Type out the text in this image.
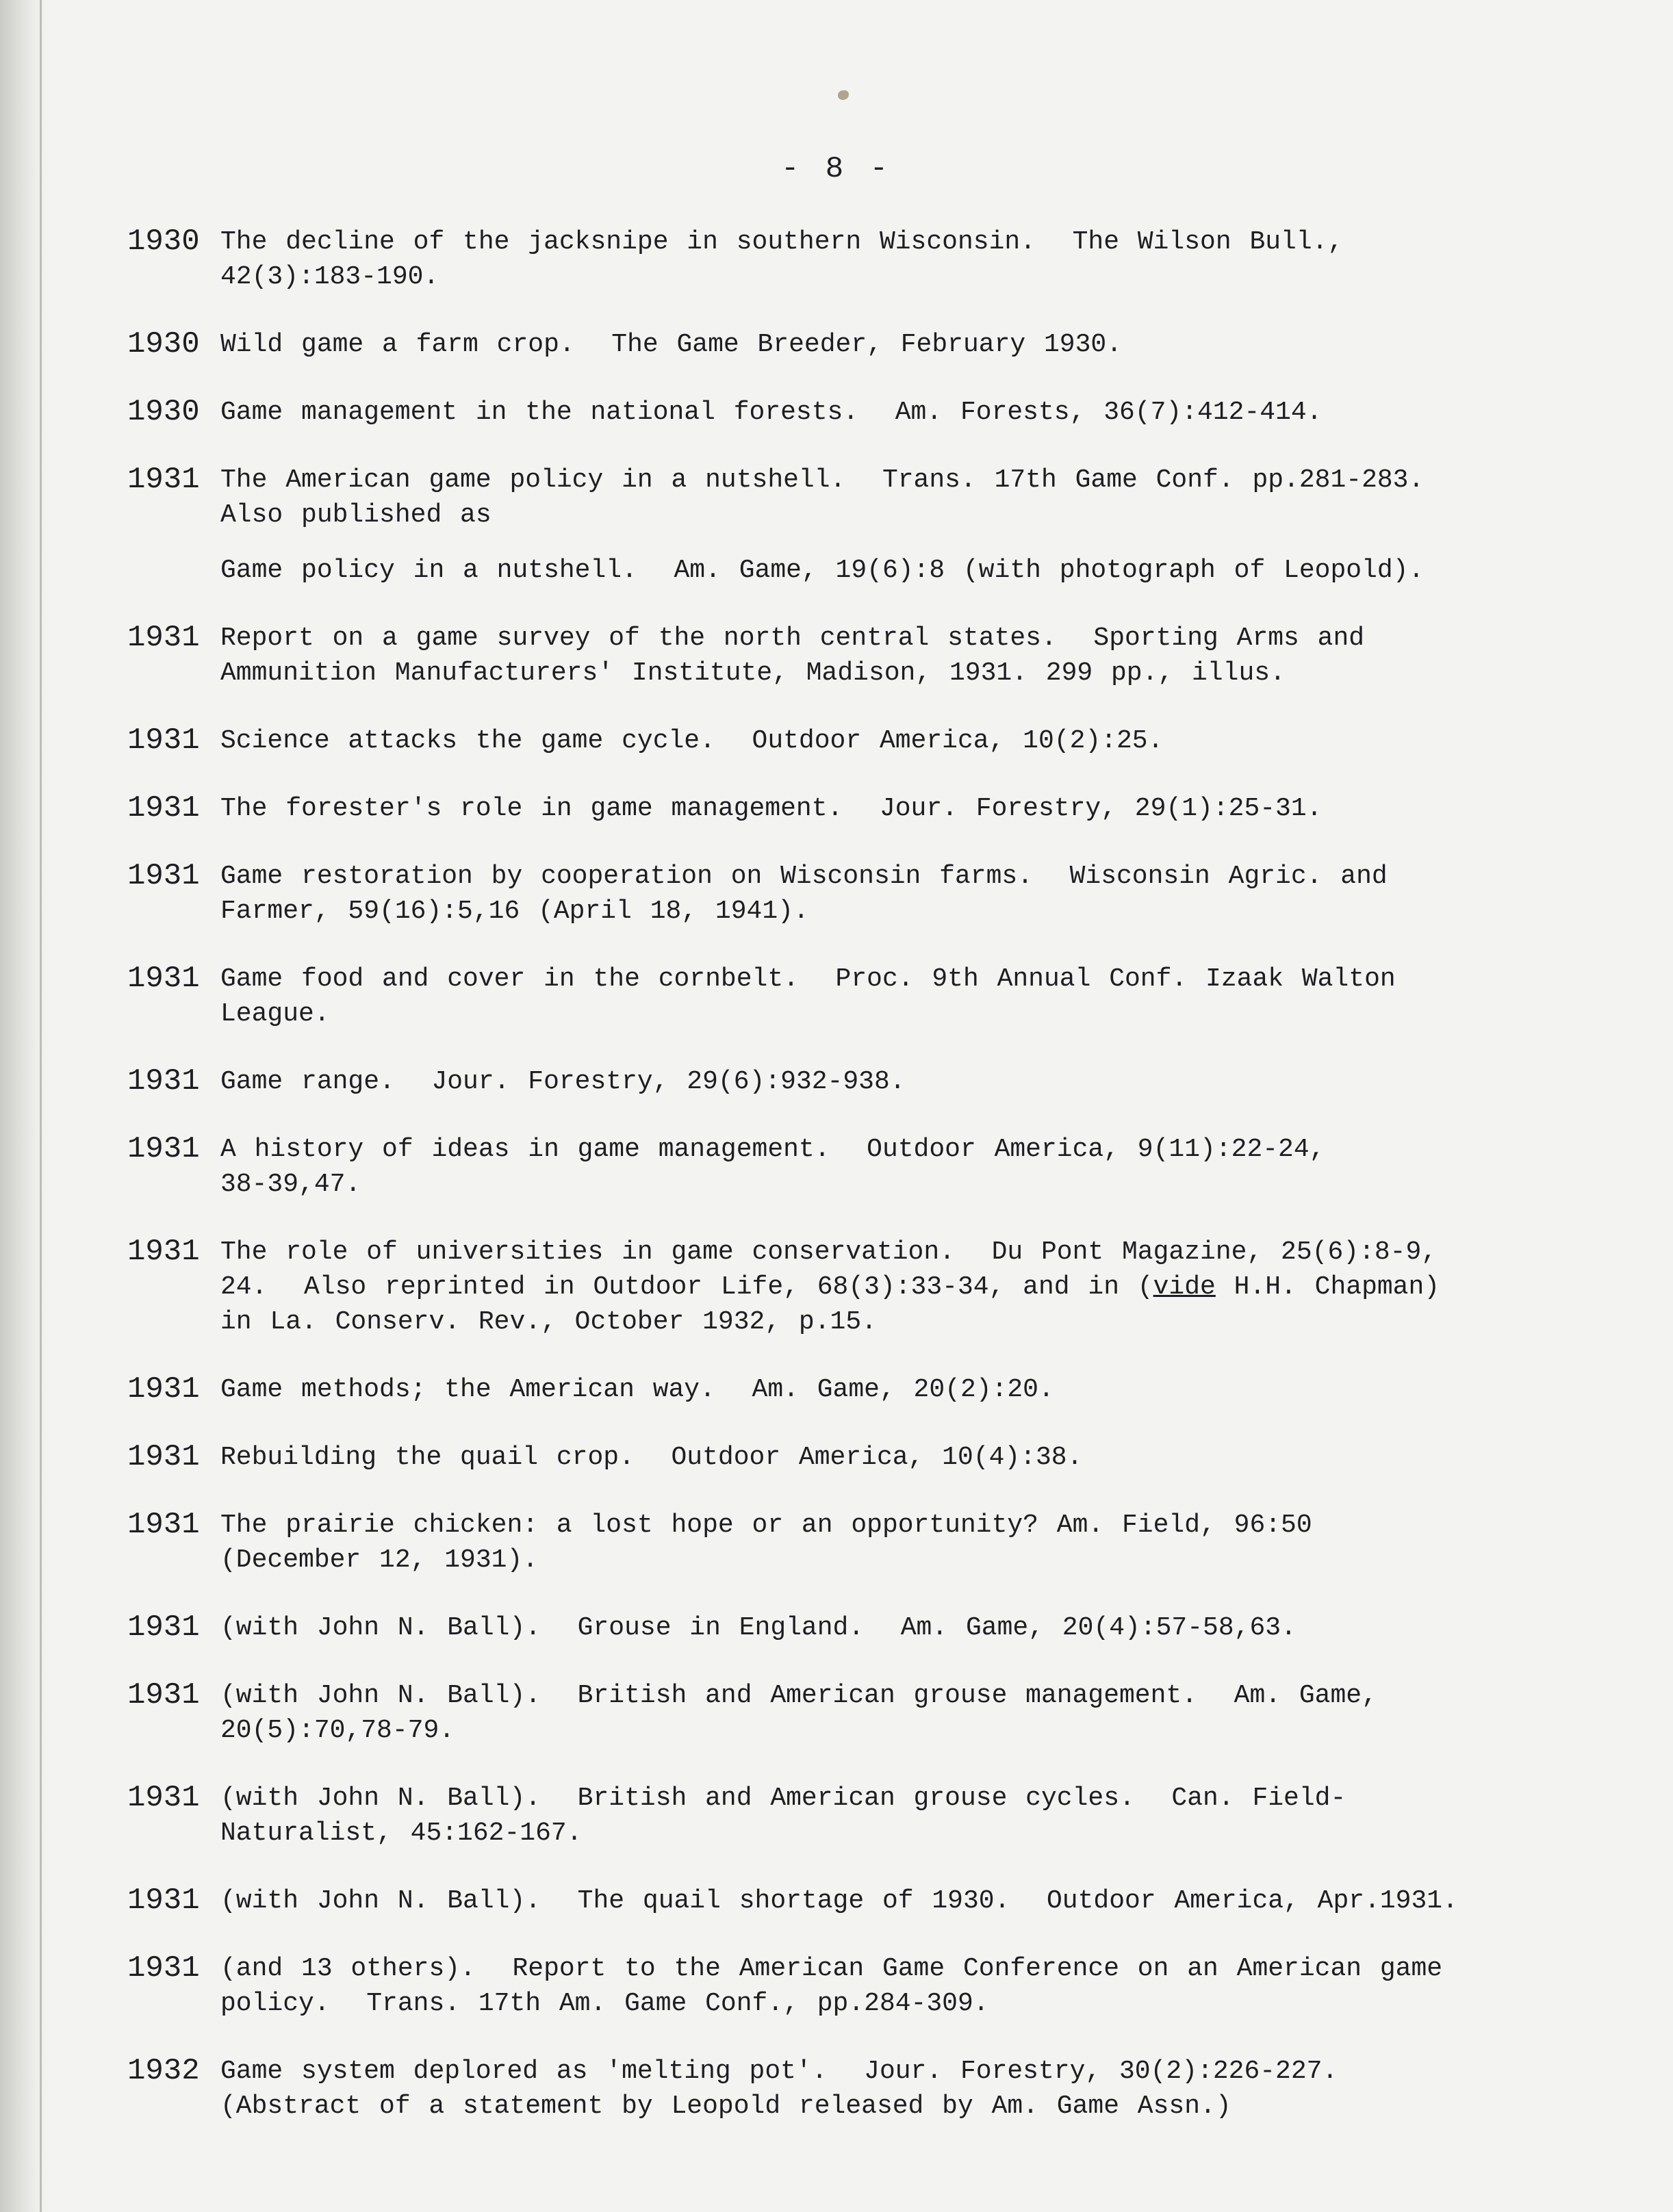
- 8 -
1930 The decline of the jacksnipe in southern Wisconsin.  The Wilson Bull.,
42(3):183-190.
1930 Wild game a farm crop.  The Game Breeder, February 1930.
1930 Game management in the national forests.  Am. Forests, 36(7):412-414.
1931 The American game policy in a nutshell.  Trans. 17th Game Conf. pp.281-283.
Also published as
Game policy in a nutshell.  Am. Game, 19(6):8 (with photograph of Leopold).
1931 Report on a game survey of the north central states.  Sporting Arms and
Ammunition Manufacturers' Institute, Madison, 1931. 299 pp., illus.
1931 Science attacks the game cycle.  Outdoor America, 10(2):25.
1931 The forester's role in game management.  Jour. Forestry, 29(1):25-31.
1931 Game restoration by cooperation on Wisconsin farms.  Wisconsin Agric. and
Farmer, 59(16):5,16 (April 18, 1941).
1931 Game food and cover in the cornbelt.  Proc. 9th Annual Conf. Izaak Walton
League.
1931 Game range.  Jour. Forestry, 29(6):932-938.
1931 A history of ideas in game management.  Outdoor America, 9(11):22-24,
38-39,47.
1931 The role of universities in game conservation.  Du Pont Magazine, 25(6):8-9,
24.  Also reprinted in Outdoor Life, 68(3):33-34, and in (vide H.H. Chapman)
in La. Conserv. Rev., October 1932, p.15.
1931 Game methods; the American way.  Am. Game, 20(2):20.
1931 Rebuilding the quail crop.  Outdoor America, 10(4):38.
1931 The prairie chicken: a lost hope or an opportunity? Am. Field, 96:50
(December 12, 1931).
1931 (with John N. Ball).  Grouse in England.  Am. Game, 20(4):57-58,63.
1931 (with John N. Ball).  British and American grouse management.  Am. Game,
20(5):70,78-79.
1931 (with John N. Ball).  British and American grouse cycles.  Can. Field-
Naturalist, 45:162-167.
1931 (with John N. Ball).  The quail shortage of 1930.  Outdoor America, Apr.1931.
1931 (and 13 others).  Report to the American Game Conference on an American game
policy.  Trans. 17th Am. Game Conf., pp.284-309.
1932 Game system deplored as 'melting pot'.  Jour. Forestry, 30(2):226-227.
(Abstract of a statement by Leopold released by Am. Game Assn.)
